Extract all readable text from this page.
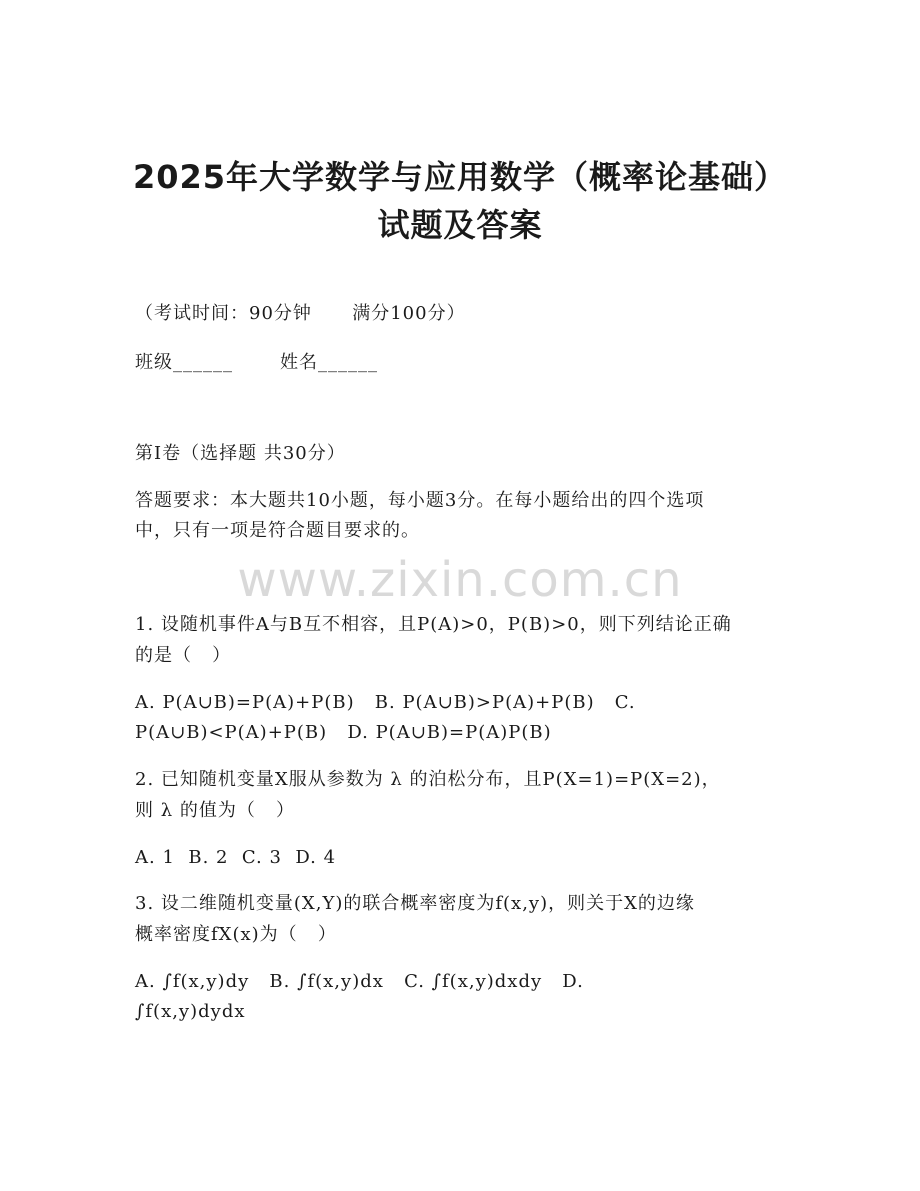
2025年大学数学与应用数学（概率论基础）
试题及答案
（考试时间：90分钟      满分100分）
班级______       姓名______
第I卷（选择题 共30分）
答题要求：本大题共10小题，每小题3分。在每小题给出的四个选项
中，只有一项是符合题目要求的。
www.zixin.com.cn
1. 设随机事件A与B互不相容，且P(A)>0，P(B)>0，则下列结论正确
的是（   ）
A. P(A∪B)=P(A)+P(B)   B. P(A∪B)>P(A)+P(B)   C.
P(A∪B)<P(A)+P(B)   D. P(A∪B)=P(A)P(B)
2. 已知随机变量X服从参数为 λ 的泊松分布，且P(X=1)=P(X=2)，
则 λ 的值为（   ）
A. 1  B. 2  C. 3  D. 4
3. 设二维随机变量(X,Y)的联合概率密度为f(x,y)，则关于X的边缘
概率密度fX(x)为（   ）
A. ∫f(x,y)dy   B. ∫f(x,y)dx   C. ∫f(x,y)dxdy   D.
∫f(x,y)dydx
